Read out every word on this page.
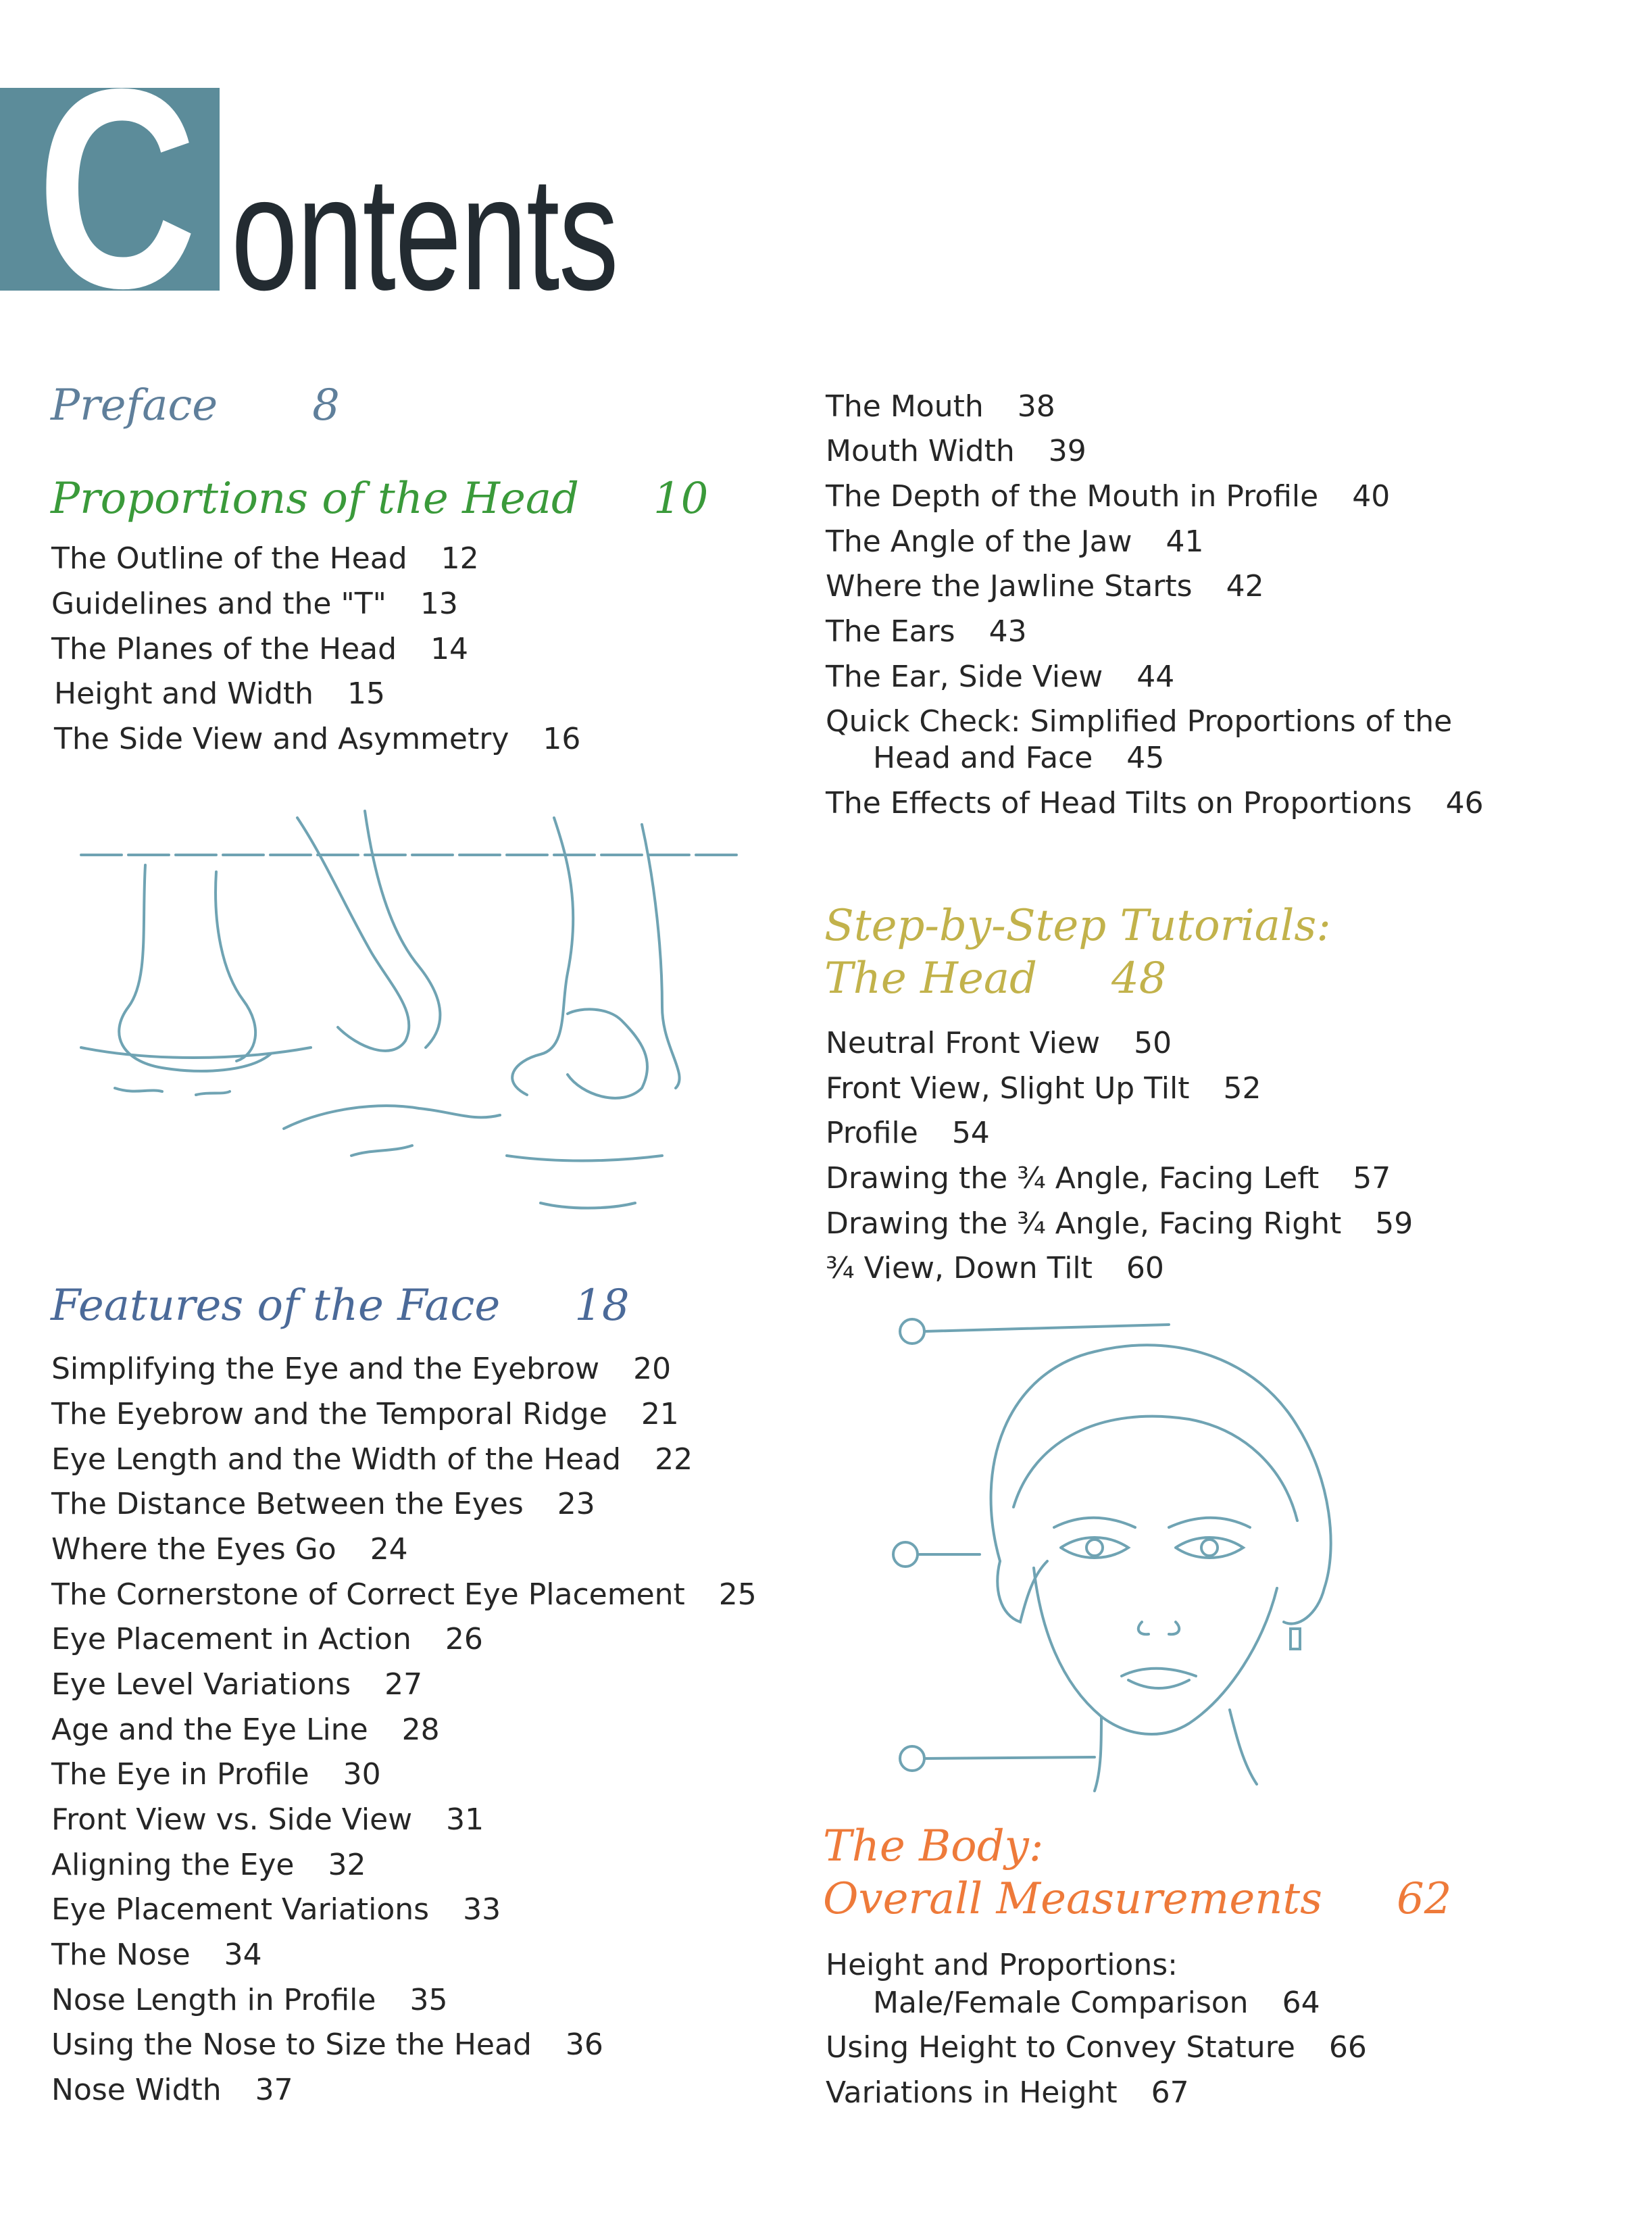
C ontents
Preface 8
Proportions of the Head 10
The Outline of the Head 12
Guidelines and the "T" 13
The Planes of the Head 14
Height and Width 15
The Side View and Asymmetry 16
Features of the Face 18
Simplifying the Eye and the Eyebrow 20
The Eyebrow and the Temporal Ridge 21
Eye Length and the Width of the Head 22
The Distance Between the Eyes 23
Where the Eyes Go 24
The Cornerstone of Correct Eye Placement 25
Eye Placement in Action 26
Eye Level Variations 27
Age and the Eye Line 28
The Eye in Profile 30
Front View vs. Side View 31
Aligning the Eye 32
Eye Placement Variations 33
The Nose 34
Nose Length in Profile 35
Using the Nose to Size the Head 36
Nose Width 37
The Mouth 38
Mouth Width 39
The Depth of the Mouth in Profile 40
The Angle of the Jaw 41
Where the Jawline Starts 42
The Ears 43
The Ear, Side View 44
Quick Check: Simplified Proportions of the
Head and Face 45
The Effects of Head Tilts on Proportions 46
Step-by-Step Tutorials:
The Head 48
Neutral Front View 50
Front View, Slight Up Tilt 52
Profile 54
Drawing the ¾ Angle, Facing Left 57
Drawing the ¾ Angle, Facing Right 59
¾ View, Down Tilt 60
The Body:
Overall Measurements 62
Height and Proportions:
Male/Female Comparison 64
Using Height to Convey Stature 66
Variations in Height 67
